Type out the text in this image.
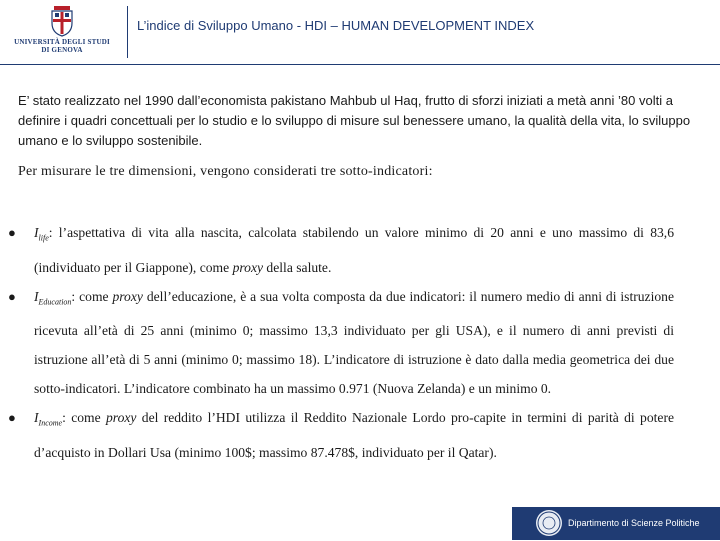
UNIVERSITÀ DEGLI STUDI
DI GENOVA
L’indice di Sviluppo Umano - HDI – HUMAN DEVELOPMENT INDEX
E’ stato realizzato nel 1990 dall’economista pakistano Mahbub ul Haq, frutto di sforzi iniziati a metà anni ’80 volti a definire i quadri concettuali per lo studio e lo sviluppo di misure sul benessere umano, la qualità della vita, lo sviluppo umano e lo sviluppo sostenibile.
Per misurare le tre dimensioni, vengono considerati tre sotto-indicatori:
● $I_{life}$: l’aspettativa di vita alla nascita, calcolata stabilendo un valore minimo di 20 anni e uno massimo di 83,6 (individuato per il Giappone), come proxy della salute.
● $I_{Education}$: come proxy dell’educazione, è a sua volta composta da due indicatori: il numero medio di anni di istruzione ricevuta all’età di 25 anni (minimo 0; massimo 13,3 individuato per gli USA), e il numero di anni previsti di istruzione all’età di 5 anni (minimo 0; massimo 18). L’indicatore di istruzione è dato dalla media geometrica dei due sotto-indicatori. L’indicatore combinato ha un massimo 0.971 (Nuova Zelanda) e un minimo 0.
● $I_{Income}$: come proxy del reddito l’HDI utilizza il Reddito Nazionale Lordo pro-capite in termini di parità di potere d’acquisto in Dollari Usa (minimo 100$; massimo 87.478$, individuato per il Qatar).
Dipartimento di Scienze Politiche
